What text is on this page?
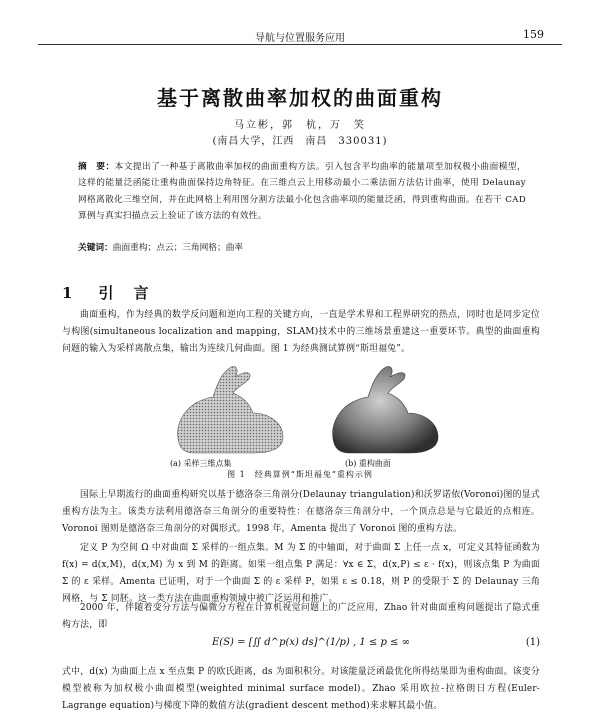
导航与位置服务应用	159
基于离散曲率加权的曲面重构
马立彬，郭　杭，万　笑
(南昌大学，江西　南昌　330031)
摘　要：本文提出了一种基于离散曲率加权的曲面重构方法。引入包含平均曲率的能量项至加权极小曲面模型，这样的能量泛函能让重构曲面保持边角特征。在三维点云上用移动最小二乘法面方法估计曲率，使用 Delaunay 网格离散化三维空间，并在此网格上利用图分割方法最小化包含曲率项的能量泛函，得到重构曲面。在若干 CAD 算例与真实扫描点云上验证了该方法的有效性。
关键词：曲面重构；点云；三角网格；曲率
1 引言
曲面重构，作为经典的数学反问题和逆向工程的关键方向，一直是学术界和工程界研究的热点，同时也是同步定位与构图(simultaneous localization and mapping，SLAM)技术中的三维场景重建这一重要环节。典型的曲面重构问题的输入为采样离散点集，输出为连续几何曲面。图 1 为经典测试算例“斯坦福兔”。
(a) 采样三维点集	(b) 重构曲面
图 1　经典算例“斯坦福兔”重构示例
国际上早期流行的曲面重构研究以基于德洛奈三角剖分(Delaunay triangulation)和沃罗诺依(Voronoi)图的显式重构方法为主。该类方法利用德洛奈三角剖分的重要特性：在德洛奈三角剖分中，一个顶点总是与它最近的点相连。Voronoi 图则是德洛奈三角剖分的对偶形式。1998 年，Amenta 提出了 Voronoi 图的重构方法。
定义 P 为空间 Ω 中对曲面 Σ 采样的一组点集。M 为 Σ 的中轴面，对于曲面 Σ 上任一点 x，可定义其特征函数为 f(x) = d(x,M)，d(x,M) 为 x 到 M 的距离。如果一组点集 P 满足：∀x ∈ Σ，d(x,P) ≤ ε · f(x)，则该点集 P 为曲面 Σ 的 ε 采样。Amenta 已证明，对于一个曲面 Σ 的 ε 采样 P，如果 ε ≤ 0.18，则 P 的受限于 Σ 的 Delaunay 三角网格，与 Σ 同胚。这一类方法在曲面重构领域中被广泛运用和推广。
2000 年，伴随着变分方法与偏微分方程在计算机视觉问题上的广泛应用，Zhao 针对曲面重构问题提出了隐式重构方法，即
E(S) = [∬ d^p(x) ds]^(1/p) , 1 ≤ p ≤ ∞	(1)
式中，d(x) 为曲面上点 x 至点集 P 的欧氏距离，ds 为面积积分。对该能量泛函最优化所得结果即为重构曲面。该变分模型被称为加权极小曲面模型(weighted minimal surface model)。Zhao 采用欧拉-拉格朗日方程(Euler-Lagrange equation)与梯度下降的数值方法(gradient descent method)来求解其最小值。
